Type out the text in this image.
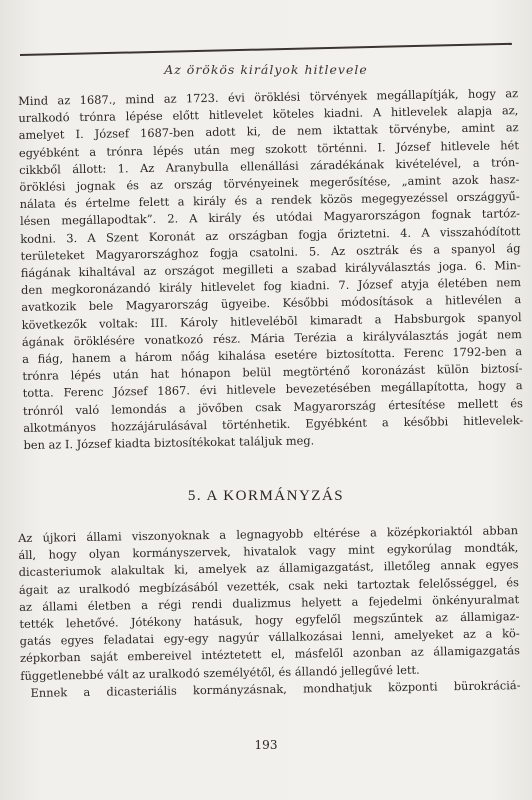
Az örökös királyok hitlevele
Mind az 1687., mind az 1723. évi öröklési törvények megállapítják, hogy az
uralkodó trónra lépése előtt hitlevelet köteles kiadni. A hitlevelek alapja az,
amelyet I. József 1687-ben adott ki, de nem iktattak törvénybe, amint az
egyébként a trónra lépés után meg szokott történni. I. József hitlevele hét
cikkből állott: 1. Az Aranybulla ellenállási záradékának kivételével, a trón-
öröklési jognak és az ország törvényeinek megerősítése, „amint azok hasz-
nálata és értelme felett a király és a rendek közös megegyezéssel országgyű-
lésen megállapodtak”. 2. A király és utódai Magyarországon fognak tartóz-
kodni. 3. A Szent Koronát az országban fogja őriztetni. 4. A visszahódított
területeket Magyarországhoz fogja csatolni. 5. Az osztrák és a spanyol ág
fiágának kihaltával az országot megilleti a szabad királyválasztás joga. 6. Min-
den megkoronázandó király hitlevelet fog kiadni. 7. József atyja életében nem
avatkozik bele Magyarország ügyeibe. Későbbi módosítások a hitlevélen a
következők voltak: III. Károly hitlevelébõl kimaradt a Habsburgok spanyol
ágának öröklésére vonatkozó rész. Mária Terézia a királyválasztás jogát nem
a fiág, hanem a három nőág kihalása esetére biztosította. Ferenc 1792-ben a
trónra lépés után hat hónapon belül megtörténő koronázást külön biztosí-
totta. Ferenc József 1867. évi hitlevele bevezetésében megállapította, hogy a
trónról való lemondás a jövőben csak Magyarország értesítése mellett és
alkotmányos hozzájárulásával történhetik. Egyébként a későbbi hitlevelek-
ben az I. József kiadta biztosítékokat találjuk meg.
5. A KORMÁNYZÁS
Az újkori állami viszonyoknak a legnagyobb eltérése a középkoriaktól abban
áll, hogy olyan kormányszervek, hivatalok vagy mint egykorúlag mondták,
dicasteriumok alakultak ki, amelyek az államigazgatást, illetőleg annak egyes
ágait az uralkodó megbízásából vezették, csak neki tartoztak felelősséggel, és
az állami életben a régi rendi dualizmus helyett a fejedelmi önkényuralmat
tették lehetővé. Jótékony hatásuk, hogy egyfelől megszűntek az államigaz-
gatás egyes feladatai egy-egy nagyúr vállalkozásai lenni, amelyeket az a kö-
zépkorban saját embereivel intéztetett el, másfelől azonban az államigazgatás
függetlenebbé vált az uralkodó személyétől, és állandó jellegűvé lett.
Ennek a dicasteriális kormányzásnak, mondhatjuk központi bürokráciá-
193
